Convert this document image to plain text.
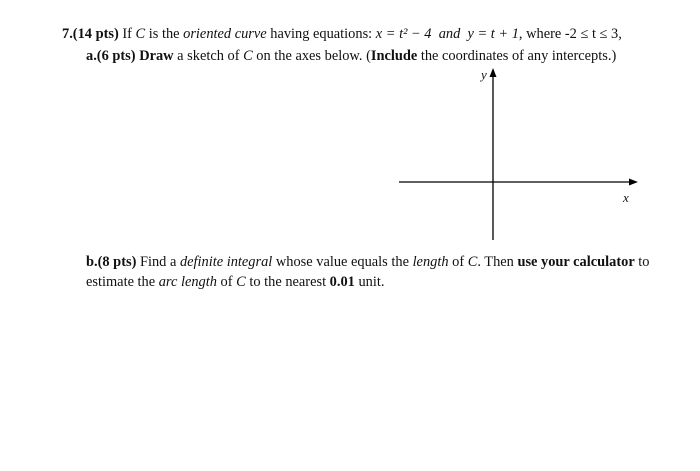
7.(14 pts) If C is the oriented curve having equations: x = t² − 4 and y = t + 1, where -2 ≤ t ≤ 3,
a.(6 pts) Draw a sketch of C on the axes below. (Include the coordinates of any intercepts.)
y
x
b.(8 pts) Find a definite integral whose value equals the length of C. Then use your calculator to
estimate the arc length of C to the nearest 0.01 unit.
